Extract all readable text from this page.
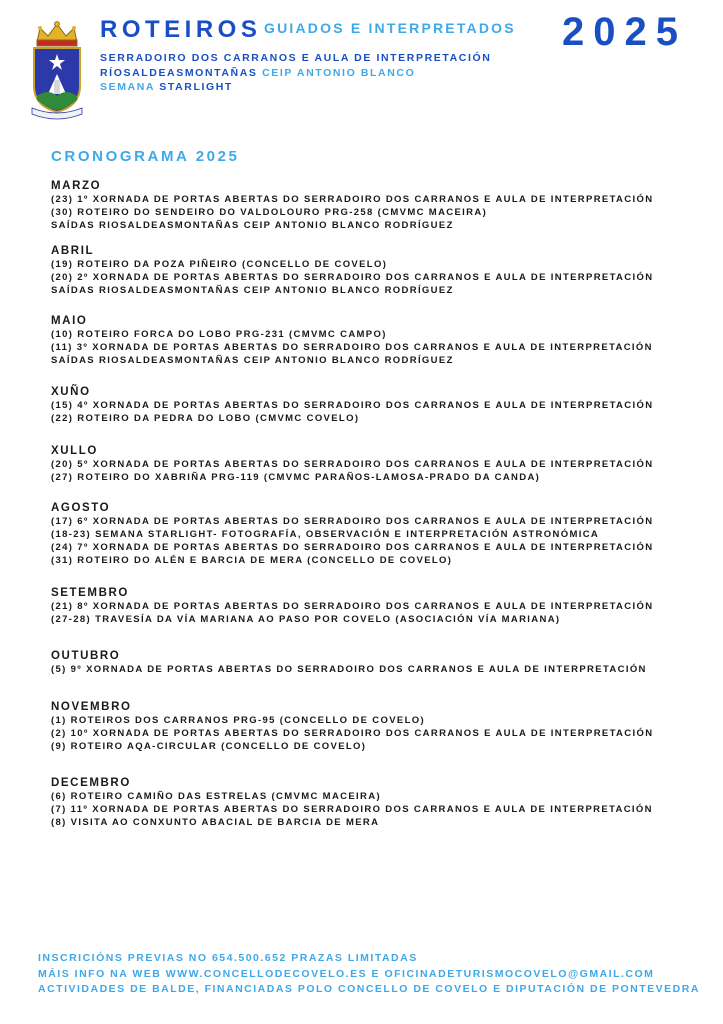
ROTEIROS GUIADOS E INTERPRETADOS 2025

SERRADOIRO DOS CARRANOS E AULA DE INTERPRETACIÓN

RÍOSALDEASMONTAÑAS CEIP ANTONIO BLANCO

SEMANA STARLIGHT

CRONOGRAMA 2025

MARZO

(23) 1º XORNADA DE PORTAS ABERTAS DO SERRADOIRO DOS CARRANOS E AULA DE INTERPRETACIÓN

(30) ROTEIRO DO SENDEIRO DO VALDOLOURO PRG-258 (CMVMC MACEIRA)

SAÍDAS RIOSALDEASMONTAÑAS CEIP ANTONIO BLANCO RODRÍGUEZ

ABRIL

(19) ROTEIRO DA POZA PIÑEIRO (CONCELLO DE COVELO)

(20) 2º XORNADA DE PORTAS ABERTAS DO SERRADOIRO DOS CARRANOS E AULA DE INTERPRETACIÓN

SAÍDAS RIOSALDEASMONTAÑAS CEIP ANTONIO BLANCO RODRÍGUEZ

MAIO

(10) ROTEIRO FORCA DO LOBO PRG-231 (CMVMC CAMPO)

(11) 3º XORNADA DE PORTAS ABERTAS DO SERRADOIRO DOS CARRANOS E AULA DE INTERPRETACIÓN

SAÍDAS RIOSALDEASMONTAÑAS CEIP ANTONIO BLANCO RODRÍGUEZ

XUÑO

(15) 4º XORNADA DE PORTAS ABERTAS DO SERRADOIRO DOS CARRANOS E AULA DE INTERPRETACIÓN

(22) ROTEIRO DA PEDRA DO LOBO (CMVMC COVELO)

XULLO

(20) 5º XORNADA DE PORTAS ABERTAS DO SERRADOIRO DOS CARRANOS E AULA DE INTERPRETACIÓN

(27) ROTEIRO DO XABRIÑA PRG-119 (CMVMC PARAÑOS-LAMOSA-PRADO DA CANDA)

AGOSTO

(17) 6º XORNADA DE PORTAS ABERTAS DO SERRADOIRO DOS CARRANOS E AULA DE INTERPRETACIÓN

(18-23) SEMANA STARLIGHT- FOTOGRAFÍA, OBSERVACIÓN E INTERPRETACIÓN ASTRONÓMICA

(24) 7º XORNADA DE PORTAS ABERTAS DO SERRADOIRO DOS CARRANOS E AULA DE INTERPRETACIÓN

(31) ROTEIRO DO ALÉN E BARCIA DE MERA (CONCELLO DE COVELO)

SETEMBRO

(21) 8º XORNADA DE PORTAS ABERTAS DO SERRADOIRO DOS CARRANOS E AULA DE INTERPRETACIÓN

(27-28) TRAVESÍA DA VÍA MARIANA AO PASO POR COVELO (ASOCIACIÓN VÍA MARIANA)

OUTUBRO

(5) 9º XORNADA DE PORTAS ABERTAS DO SERRADOIRO DOS CARRANOS E AULA DE INTERPRETACIÓN

NOVEMBRO

(1) ROTEIROS DOS CARRANOS PRG-95 (CONCELLO DE COVELO)

(2) 10º XORNADA DE PORTAS ABERTAS DO SERRADOIRO DOS CARRANOS E AULA DE INTERPRETACIÓN

(9) ROTEIRO AQA-CIRCULAR (CONCELLO DE COVELO)

DECEMBRO

(6) ROTEIRO CAMIÑO DAS ESTRELAS (CMVMC MACEIRA)

(7) 11º XORNADA DE PORTAS ABERTAS DO SERRADOIRO DOS CARRANOS E AULA DE INTERPRETACIÓN

(8) VISITA AO CONXUNTO ABACIAL DE BARCIA DE MERA

INSCRICIÓNS PREVIAS NO 654.500.652 PRAZAS LIMITADAS

MÁIS INFO NA WEB WWW.CONCELLODECOVELO.ES E OFICINADETURISMOCOVELO@GMAIL.COM

ACTIVIDADES DE BALDE, FINANCIADAS POLO CONCELLO DE COVELO E DIPUTACIÓN DE PONTEVEDRA
